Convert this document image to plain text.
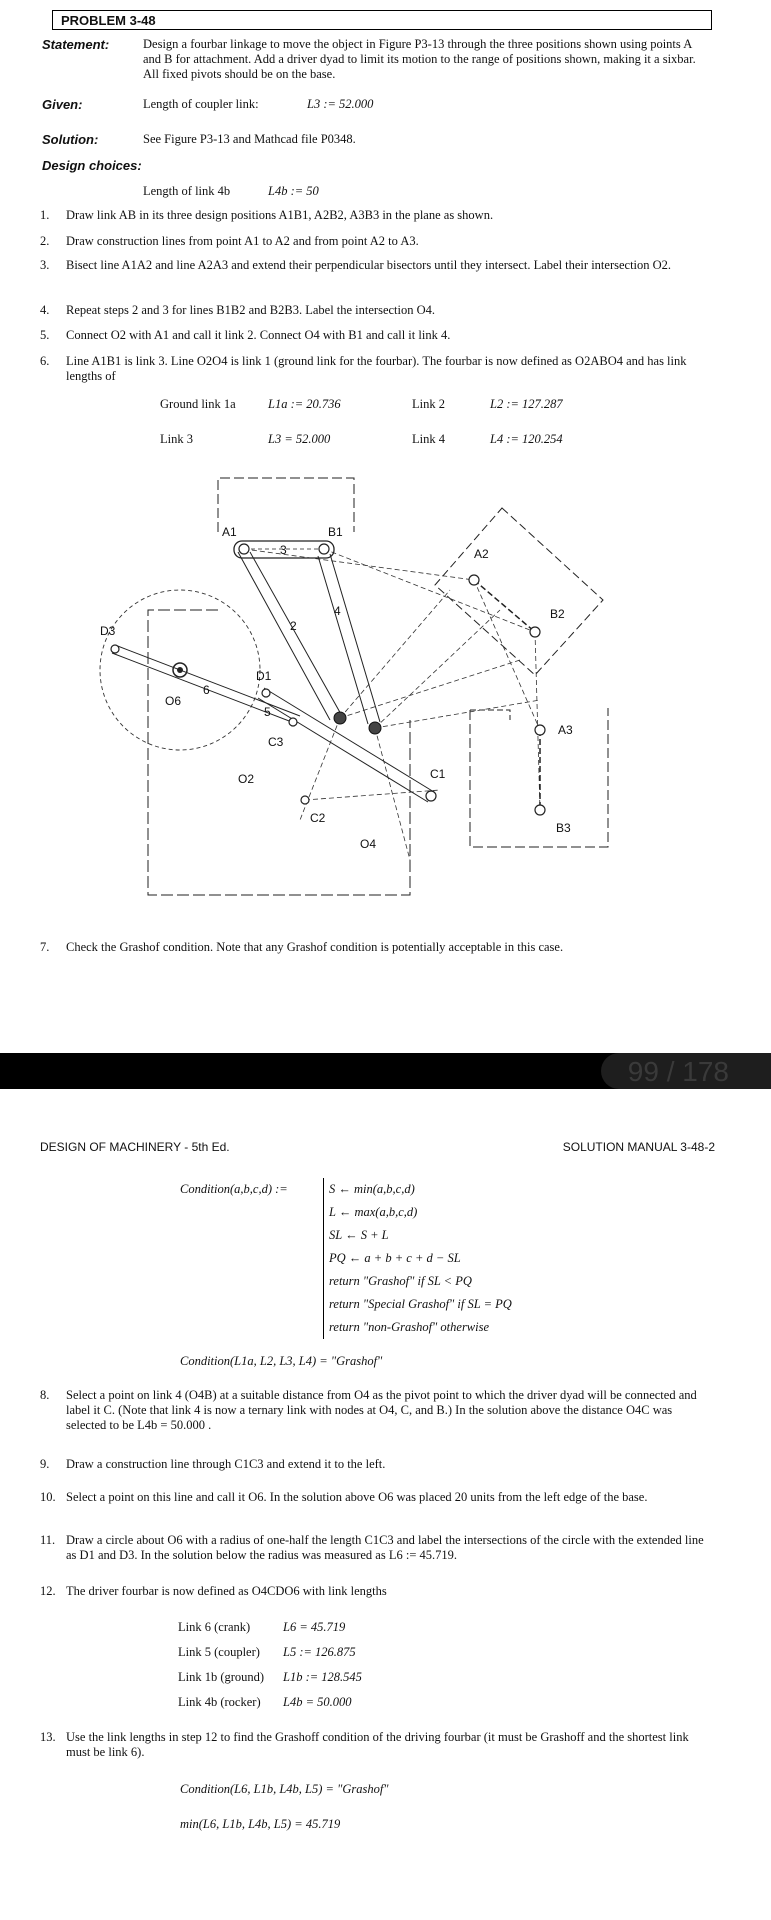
PROBLEM 3-48
Statement:	Design a fourbar linkage to move the object in Figure P3-13 through the three positions shown using points A and B for attachment. Add a driver dyad to limit its motion to the range of positions shown, making it a sixbar. All fixed pivots should be on the base.
Given:	Length of coupler link:	L3 := 52.000
Solution:	See Figure P3-13 and Mathcad file P0348.
Design choices:
Length of link 4b	L4b := 50
1.	Draw link AB in its three design positions A1B1, A2B2, A3B3 in the plane as shown.
2.	Draw construction lines from point A1 to A2 and from point A2 to A3.
3.	Bisect line A1A2 and line A2A3 and extend their perpendicular bisectors until they intersect. Label their intersection O2.
4.	Repeat steps 2 and 3 for lines B1B2 and B2B3. Label the intersection O4.
5.	Connect O2 with A1 and call it link 2. Connect O4 with B1 and call it link 4.
6.	Line A1B1 is link 3. Line O2O4 is link 1 (ground link for the fourbar). The fourbar is now defined as O2ABO4 and has link lengths of
Ground link 1a	L1a := 20.736	Link 2	L2 := 127.287
Link 3	L3 = 52.000	Link 4	L4 := 120.254
A1	B1
A2
B2
A3
B3
D3
D1
O6
O2
O4
C1
C2
C3
2
3
4
5
6
7.	Check the Grashof condition. Note that any Grashof condition is potentially acceptable in this case.
99 / 178
DESIGN OF MACHINERY - 5th Ed.	SOLUTION MANUAL 3-48-2
Condition(a,b,c,d) :=	S ← min(a,b,c,d)
L ← max(a,b,c,d)
SL ← S + L
PQ ← a + b + c + d − SL
return "Grashof" if SL < PQ
return "Special Grashof" if SL = PQ
return "non-Grashof" otherwise
Condition(L1a, L2, L3, L4) = "Grashof"
8.	Select a point on link 4 (O4B) at a suitable distance from O4 as the pivot point to which the driver dyad will be connected and label it C. (Note that link 4 is now a ternary link with nodes at O4, C, and B.) In the solution above the distance O4C was selected to be L4b = 50.000 .
9.	Draw a construction line through C1C3 and extend it to the left.
10. Select a point on this line and call it O6. In the solution above O6 was placed 20 units from the left edge of the base.
11. Draw a circle about O6 with a radius of one-half the length C1C3 and label the intersections of the circle with the extended line as D1 and D3. In the solution below the radius was measured as L6 := 45.719.
12. The driver fourbar is now defined as O4CDO6 with link lengths
Link 6 (crank)	L6 = 45.719
Link 5 (coupler) L5 := 126.875
Link 1b (ground) L1b := 128.545
Link 4b (rocker) L4b = 50.000
13. Use the link lengths in step 12 to find the Grashoff condition of the driving fourbar (it must be Grashoff and the shortest link must be link 6).
Condition(L6, L1b, L4b, L5) = "Grashof"
min(L6, L1b, L4b, L5) = 45.719
